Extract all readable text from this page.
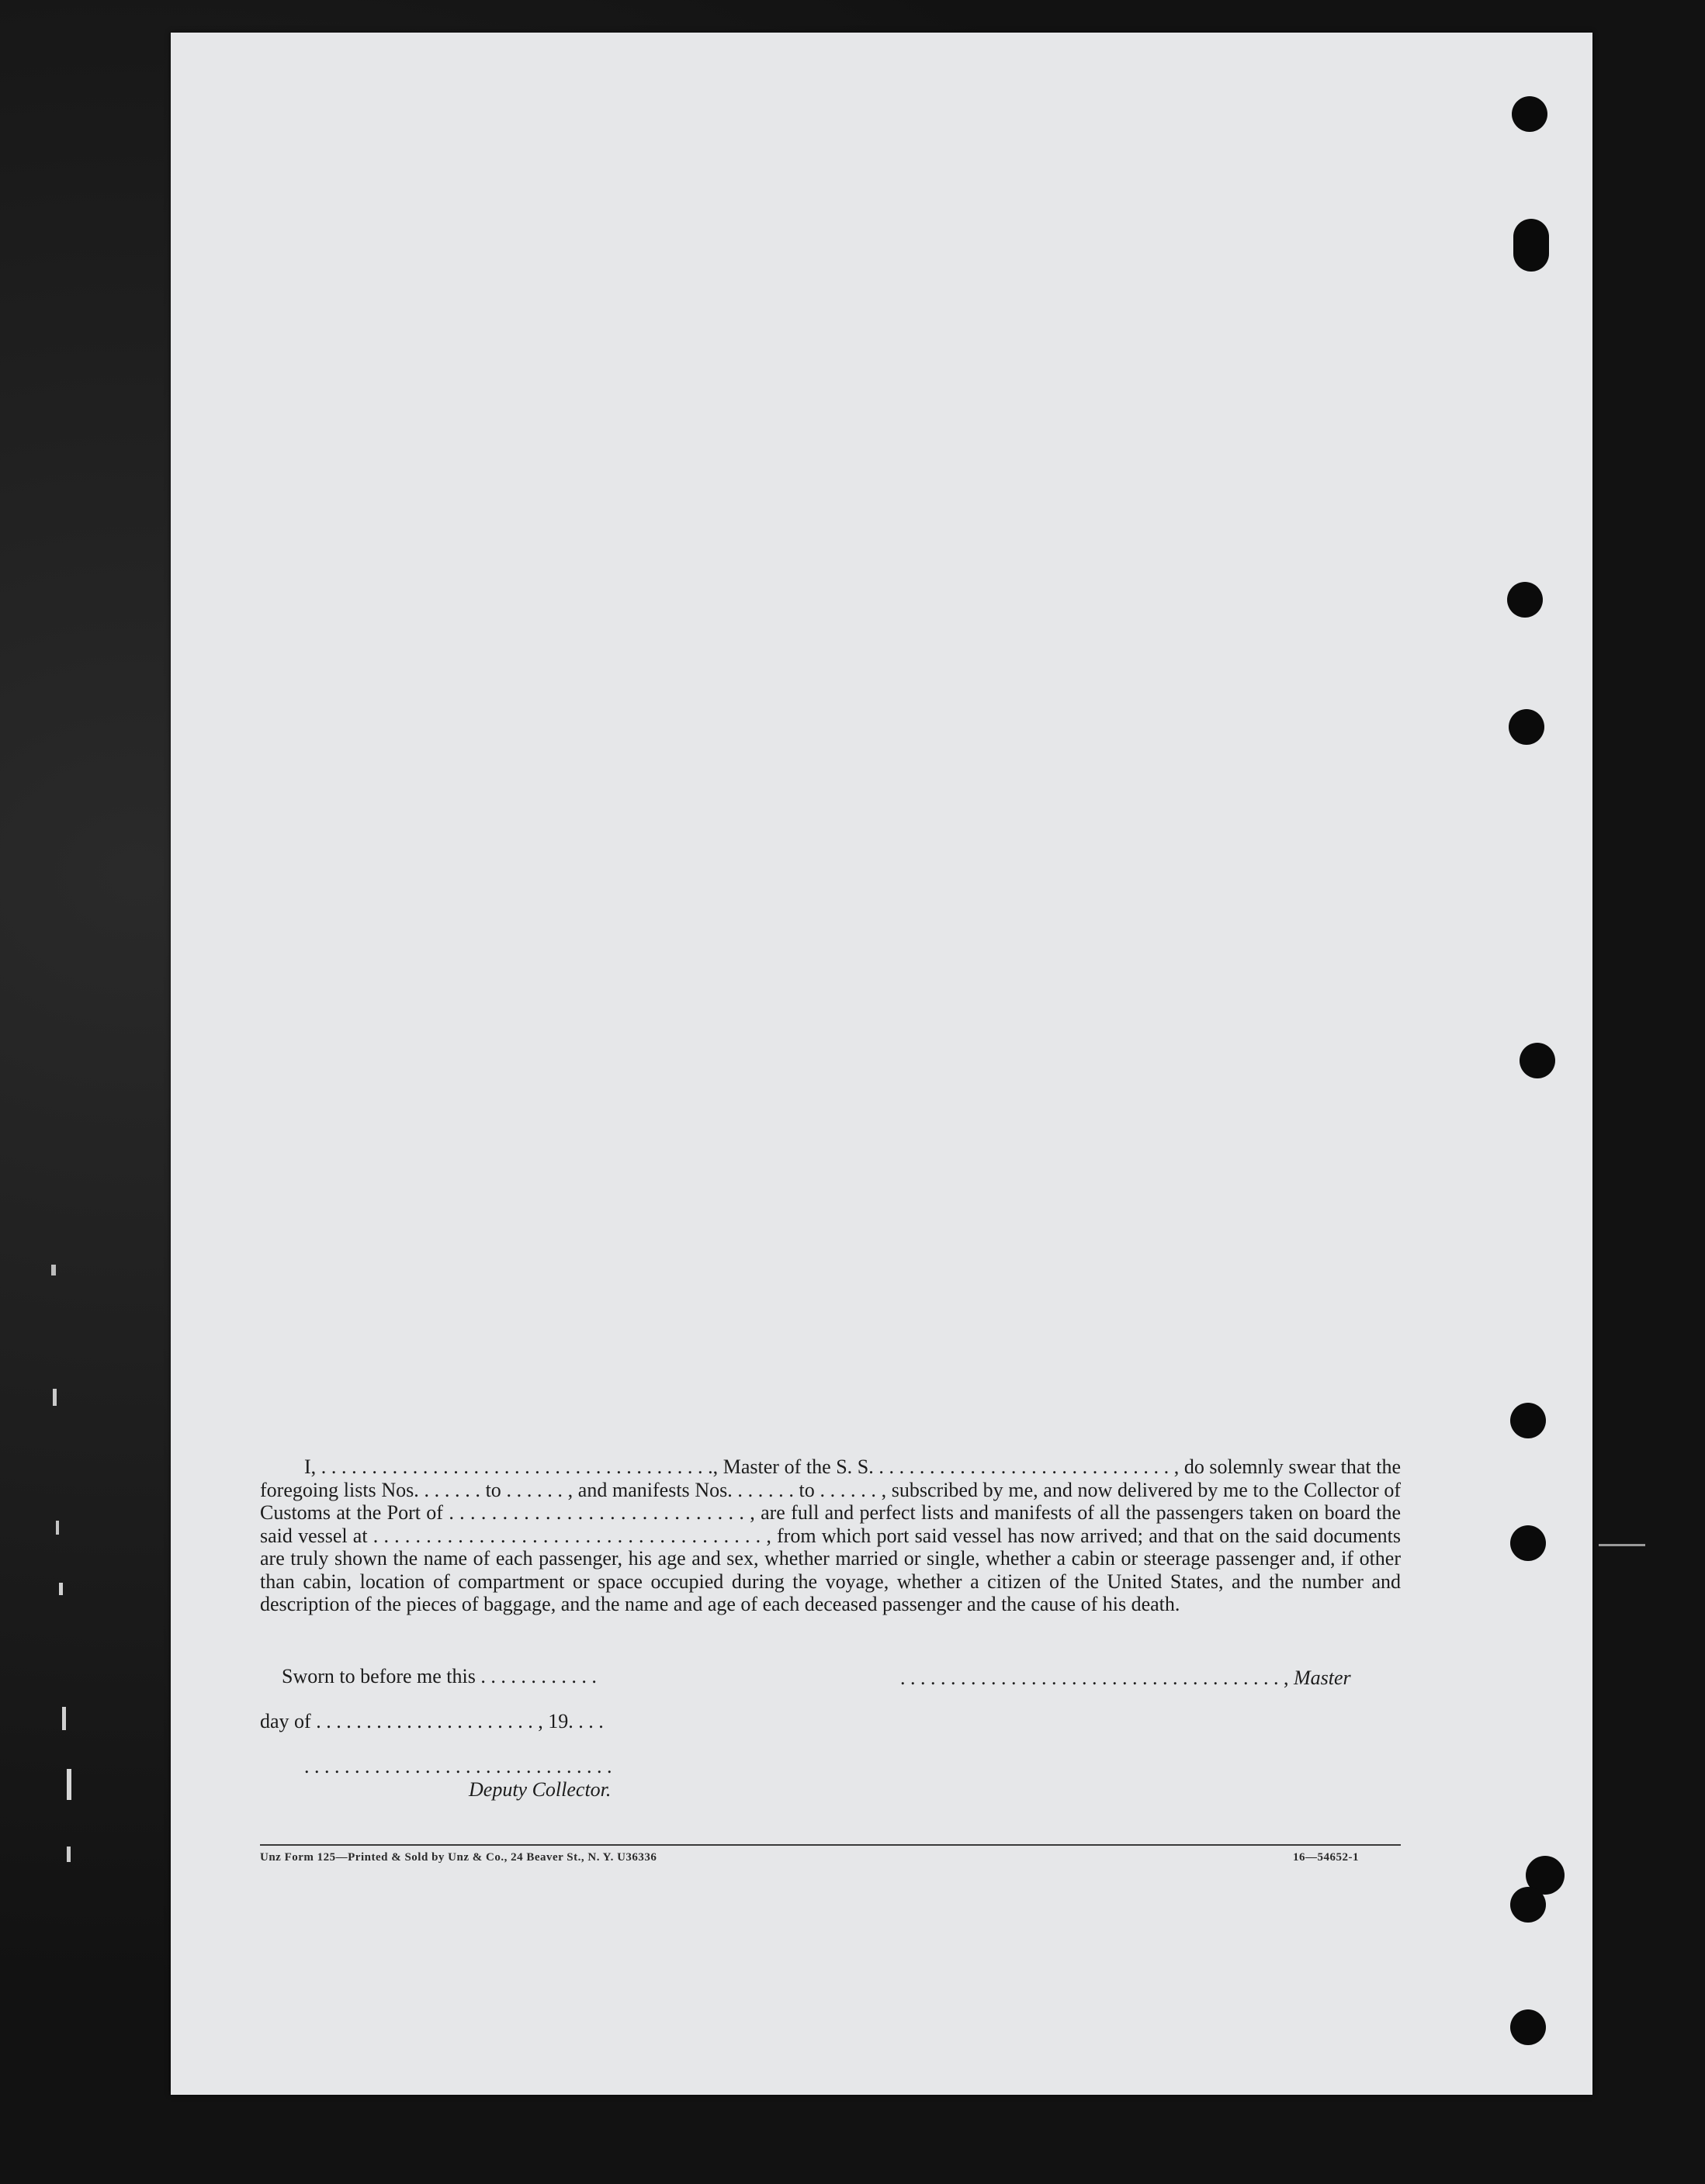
I, . . . . . . . . . . . . . . . . . . . . . . . . . . . . . . . . . . . . . . ., Master of the S. S. . . . . . . . . . . . . . . . . . . . . . . . . . . . . . , do solemnly swear that the foregoing lists Nos. . . . . . . to . . . . . . , and manifests Nos. . . . . . . to . . . . . . , subscribed by me, and now delivered by me to the Collector of Customs at the Port of . . . . . . . . . . . . . . . . . . . . . . . . . . . . , are full and perfect lists and manifests of all the passengers taken on board the said vessel at . . . . . . . . . . . . . . . . . . . . . . . . . . . . . . . . . . . . . , from which port said vessel has now arrived; and that on the said documents are truly shown the name of each passenger, his age and sex, whether married or single, whether a cabin or steerage passenger and, if other than cabin, location of compartment or space occupied during the voyage, whether a citizen of the United States, and the number and description of the pieces of baggage, and the name and age of each deceased passenger and the cause of his death.

Sworn to before me this . . . . . . . . . . . .	. . . . . . . . . . . . . . . . . . . . . . . . . . . . . . . . . . . . . . , Master
day of . . . . . . . . . . . . . . . . . . . . . . , 19. . . .
. . . . . . . . . . . . . . . . . . . . . . . . . . . . . . .
Deputy Collector.
Unz Form 125—Printed & Sold by Unz & Co., 24 Beaver St., N. Y. U36336	16—54652-1
